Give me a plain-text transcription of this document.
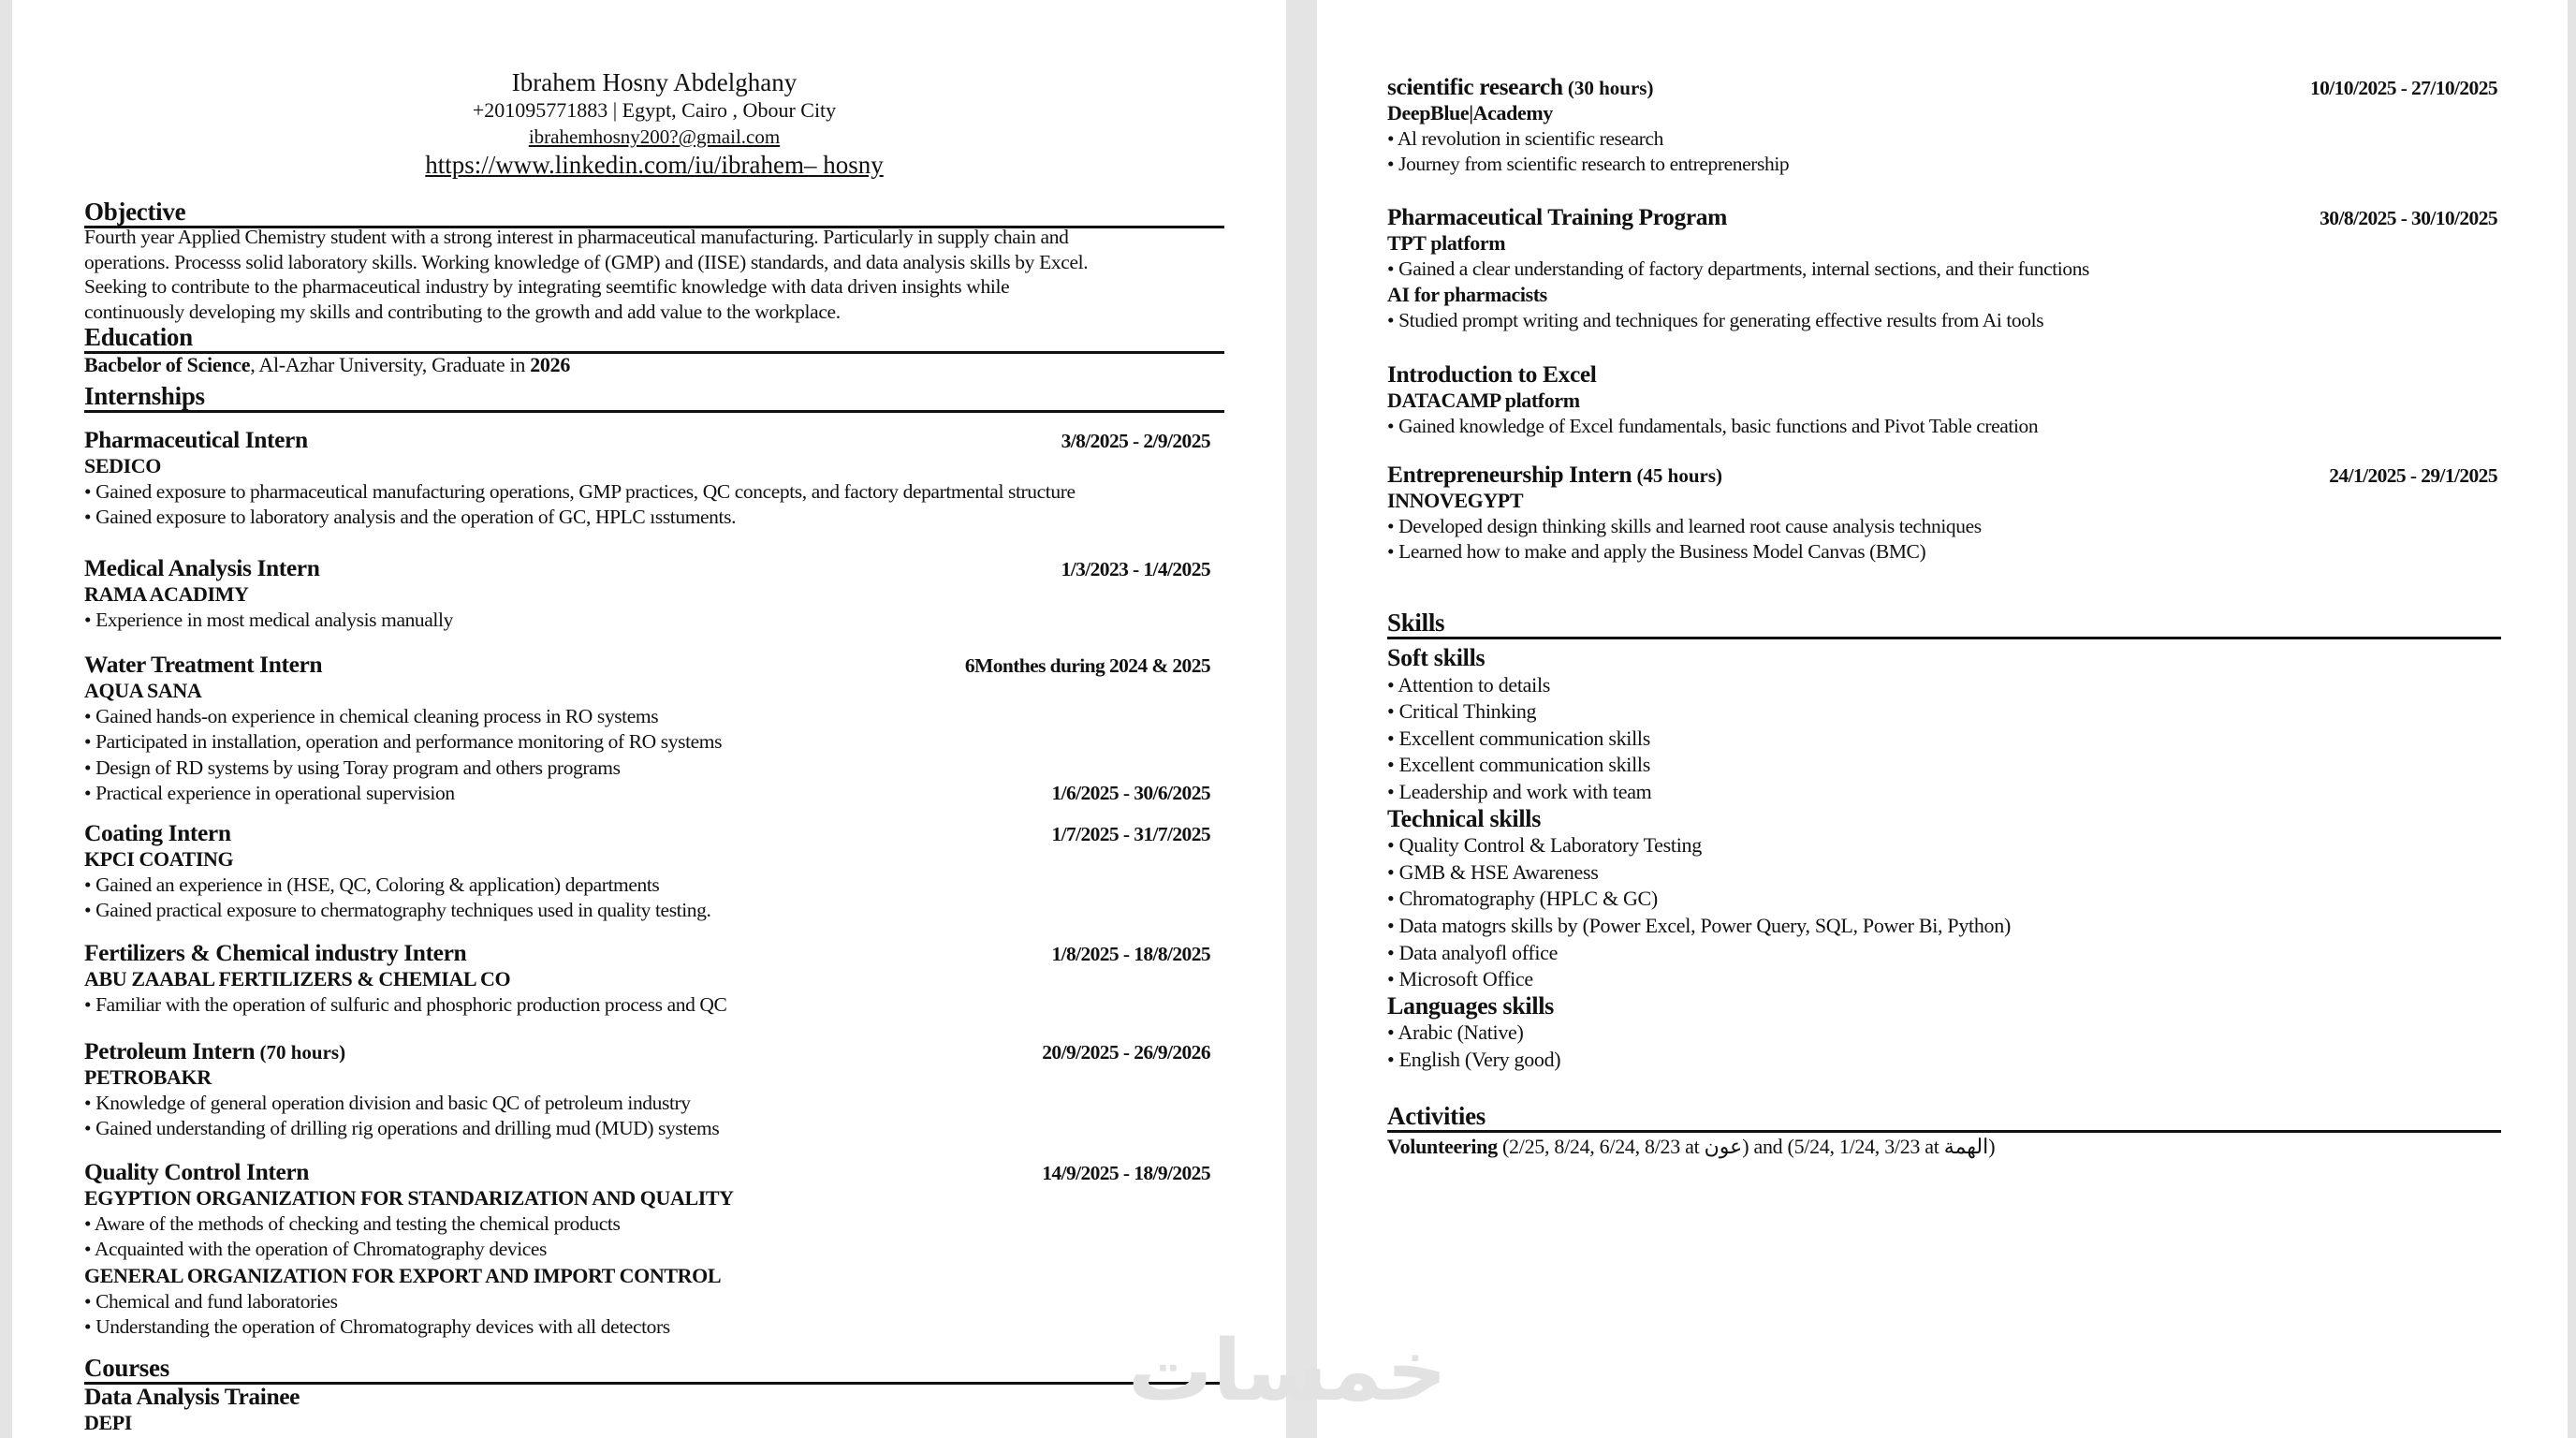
Ibrahem Hosny Abdelghany
+201095771883 | Egypt, Cairo , Obour City
ibrahemhosny200?@gmail.com
https://www.linkedin.com/iu/ibrahem– hosny
Objective
Fourth year Applied Chemistry student with a strong interest in pharmaceutical manufacturing. Particularly in supply chain and
operations. Processs solid laboratory skills. Working knowledge of (GMP) and (IISE) standards, and data analysis skills by Excel.
Seeking to contribute to the pharmaceutical industry by integrating seemtific knowledge with data driven insights while
continuously developing my skills and contributing to the growth and add value to the workplace.
Education
Bacbelor of Science, Al-Azhar University, Graduate in 2026
Internships
Courses
Skills
Soft skills
• Attention to details
• Critical Thinking
• Excellent communication skills
• Excellent communication skills
• Leadership and work with team
Technical skills
• Quality Control & Laboratory Testing
• GMB & HSE Awareness
• Chromatography (HPLC & GC)
• Data matogrs skills by (Power Excel, Power Query, SQL, Power Bi, Python)
• Data analyofl office
• Microsoft Office
Languages skills
• Arabic (Native)
• English (Very good)
Activities
Volunteering (2/25, 8/24, 6/24, 8/23 at عون) and (5/24, 1/24, 3/23 at الهمة)
خمسات
Pharmaceutical Intern	3/8/2025 - 2/9/2025
SEDICO
• Gained exposure to pharmaceutical manufacturing operations, GMP practices, QC concepts, and factory departmental structure
• Gained exposure to laboratory analysis and the operation of GC, HPLC ısstuments.
Medical Analysis Intern	1/3/2023 - 1/4/2025
RAMA ACADIMY
• Experience in most medical analysis manually
Water Treatment Intern	6Monthes during 2024 & 2025
AQUA SANA
• Gained hands-on experience in chemical cleaning process in RO systems
• Participated in installation, operation and performance monitoring of RO systems
• Design of RD systems by using Toray program and others programs
• Practical experience in operational supervision	1/6/2025 - 30/6/2025
Coating Intern	1/7/2025 - 31/7/2025
KPCI COATING
• Gained an experience in (HSE, QC, Coloring & application) departments
• Gained practical exposure to chermatography techniques used in quality testing.
Fertilizers & Chemical industry Intern	1/8/2025 - 18/8/2025
ABU ZAABAL FERTILIZERS & CHEMIAL CO
• Familiar with the operation of sulfuric and phosphoric production process and QC
Petroleum Intern (70 hours)	20/9/2025 - 26/9/2026
PETROBAKR
• Knowledge of general operation division and basic QC of petroleum industry
• Gained understanding of drilling rig operations and drilling mud (MUD) systems
Quality Control Intern	14/9/2025 - 18/9/2025
EGYPTION ORGANIZATION FOR STANDARIZATION AND QUALITY
• Aware of the methods of checking and testing the chemical products
• Acquainted with the operation of Chromatography devices
GENERAL ORGANIZATION FOR EXPORT AND IMPORT CONTROL
• Chemical and fund laboratories
• Understanding the operation of Chromatography devices with all detectors
Data Analysis Trainee
DEPI
scientific research (30 hours)	10/10/2025 - 27/10/2025
DeepBlue|Academy
• Al revolution in scientific research
• Journey from scientific research to entreprenership
Pharmaceutical Training Program	30/8/2025 - 30/10/2025
TPT platform
• Gained a clear understanding of factory departments, internal sections, and their functions
AI for pharmacists
• Studied prompt writing and techniques for generating effective results from Ai tools
Introduction to Excel
DATACAMP platform
• Gained knowledge of Excel fundamentals, basic functions and Pivot Table creation
Entrepreneurship Intern (45 hours)	24/1/2025 - 29/1/2025
INNOVEGYPT
• Developed design thinking skills and learned root cause analysis techniques
• Learned how to make and apply the Business Model Canvas (BMC)
